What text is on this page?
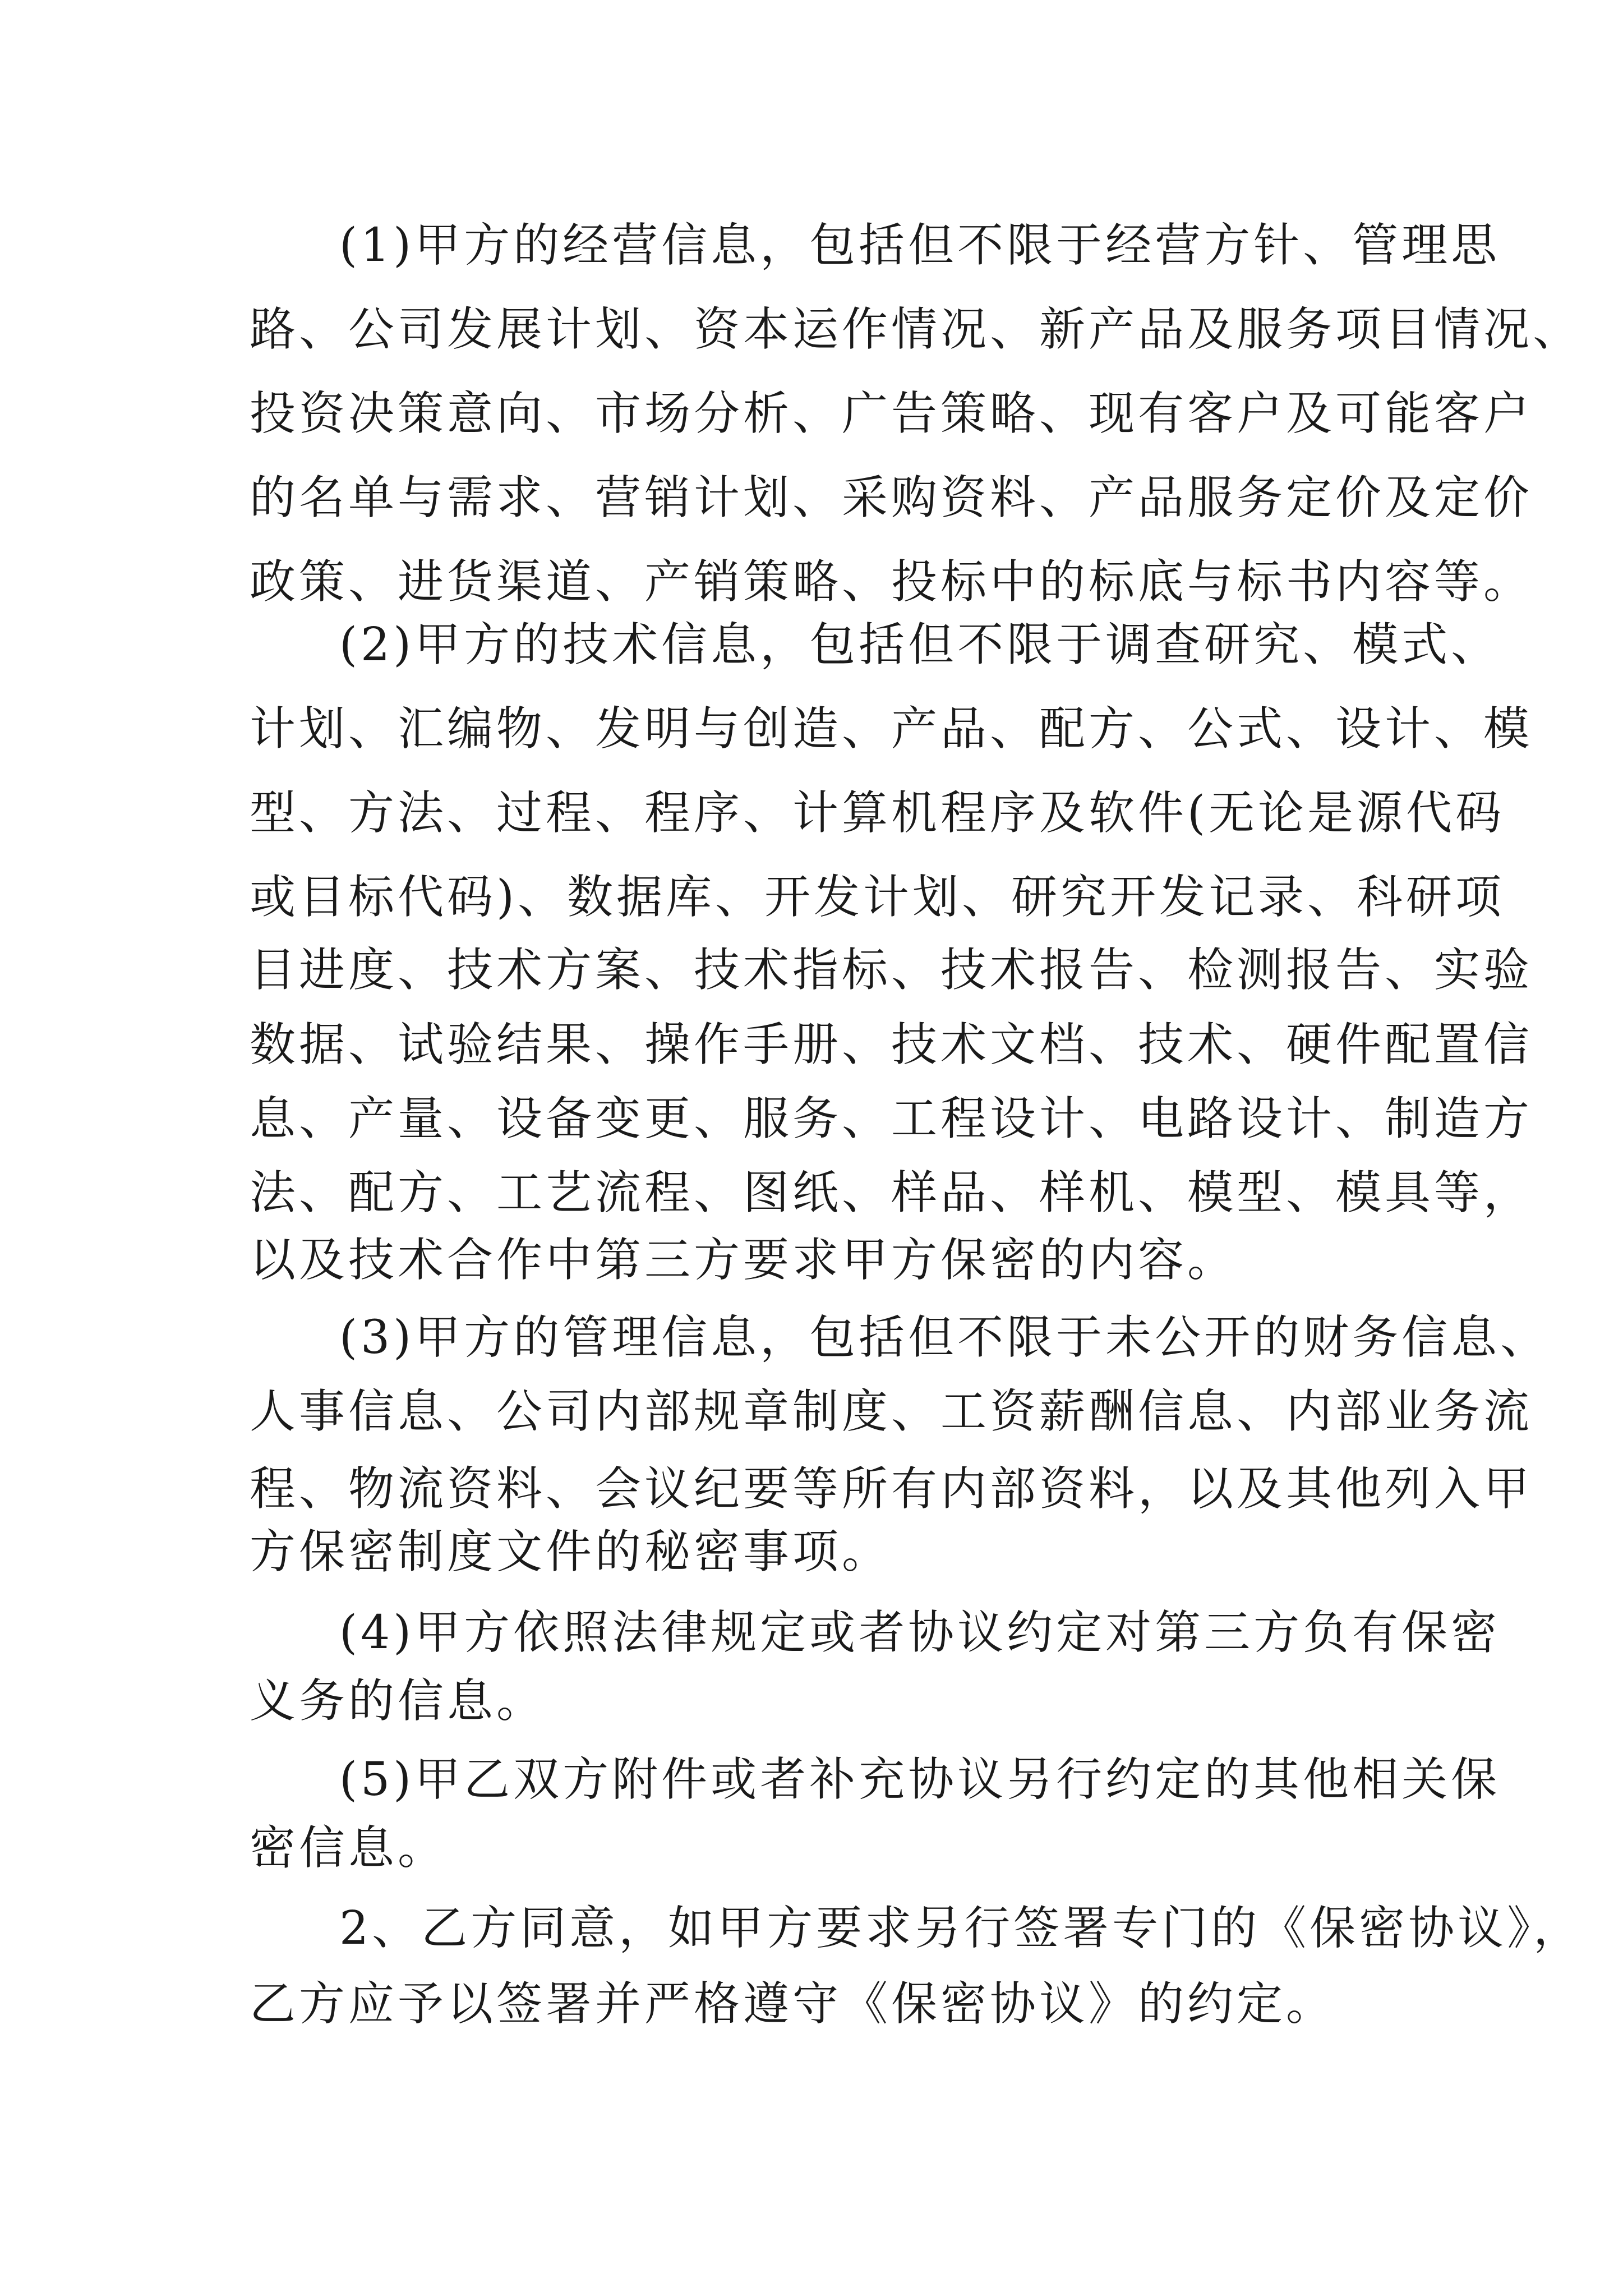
(1)甲方的经营信息，包括但不限于经营方针、管理思
路、公司发展计划、资本运作情况、新产品及服务项目情况、
投资决策意向、市场分析、广告策略、现有客户及可能客户
的名单与需求、营销计划、采购资料、产品服务定价及定价
政策、进货渠道、产销策略、投标中的标底与标书内容等。
(2)甲方的技术信息，包括但不限于调查研究、模式、
计划、汇编物、发明与创造、产品、配方、公式、设计、模
型、方法、过程、程序、计算机程序及软件(无论是源代码
或目标代码)、数据库、开发计划、研究开发记录、科研项
目进度、技术方案、技术指标、技术报告、检测报告、实验
数据、试验结果、操作手册、技术文档、技术、硬件配置信
息、产量、设备变更、服务、工程设计、电路设计、制造方
法、配方、工艺流程、图纸、样品、样机、模型、模具等，
以及技术合作中第三方要求甲方保密的内容。
(3)甲方的管理信息，包括但不限于未公开的财务信息、
人事信息、公司内部规章制度、工资薪酬信息、内部业务流
程、物流资料、会议纪要等所有内部资料，以及其他列入甲
方保密制度文件的秘密事项。
(4)甲方依照法律规定或者协议约定对第三方负有保密
义务的信息。
(5)甲乙双方附件或者补充协议另行约定的其他相关保
密信息。
2、乙方同意，如甲方要求另行签署专门的《保密协议》，
乙方应予以签署并严格遵守《保密协议》的约定。
